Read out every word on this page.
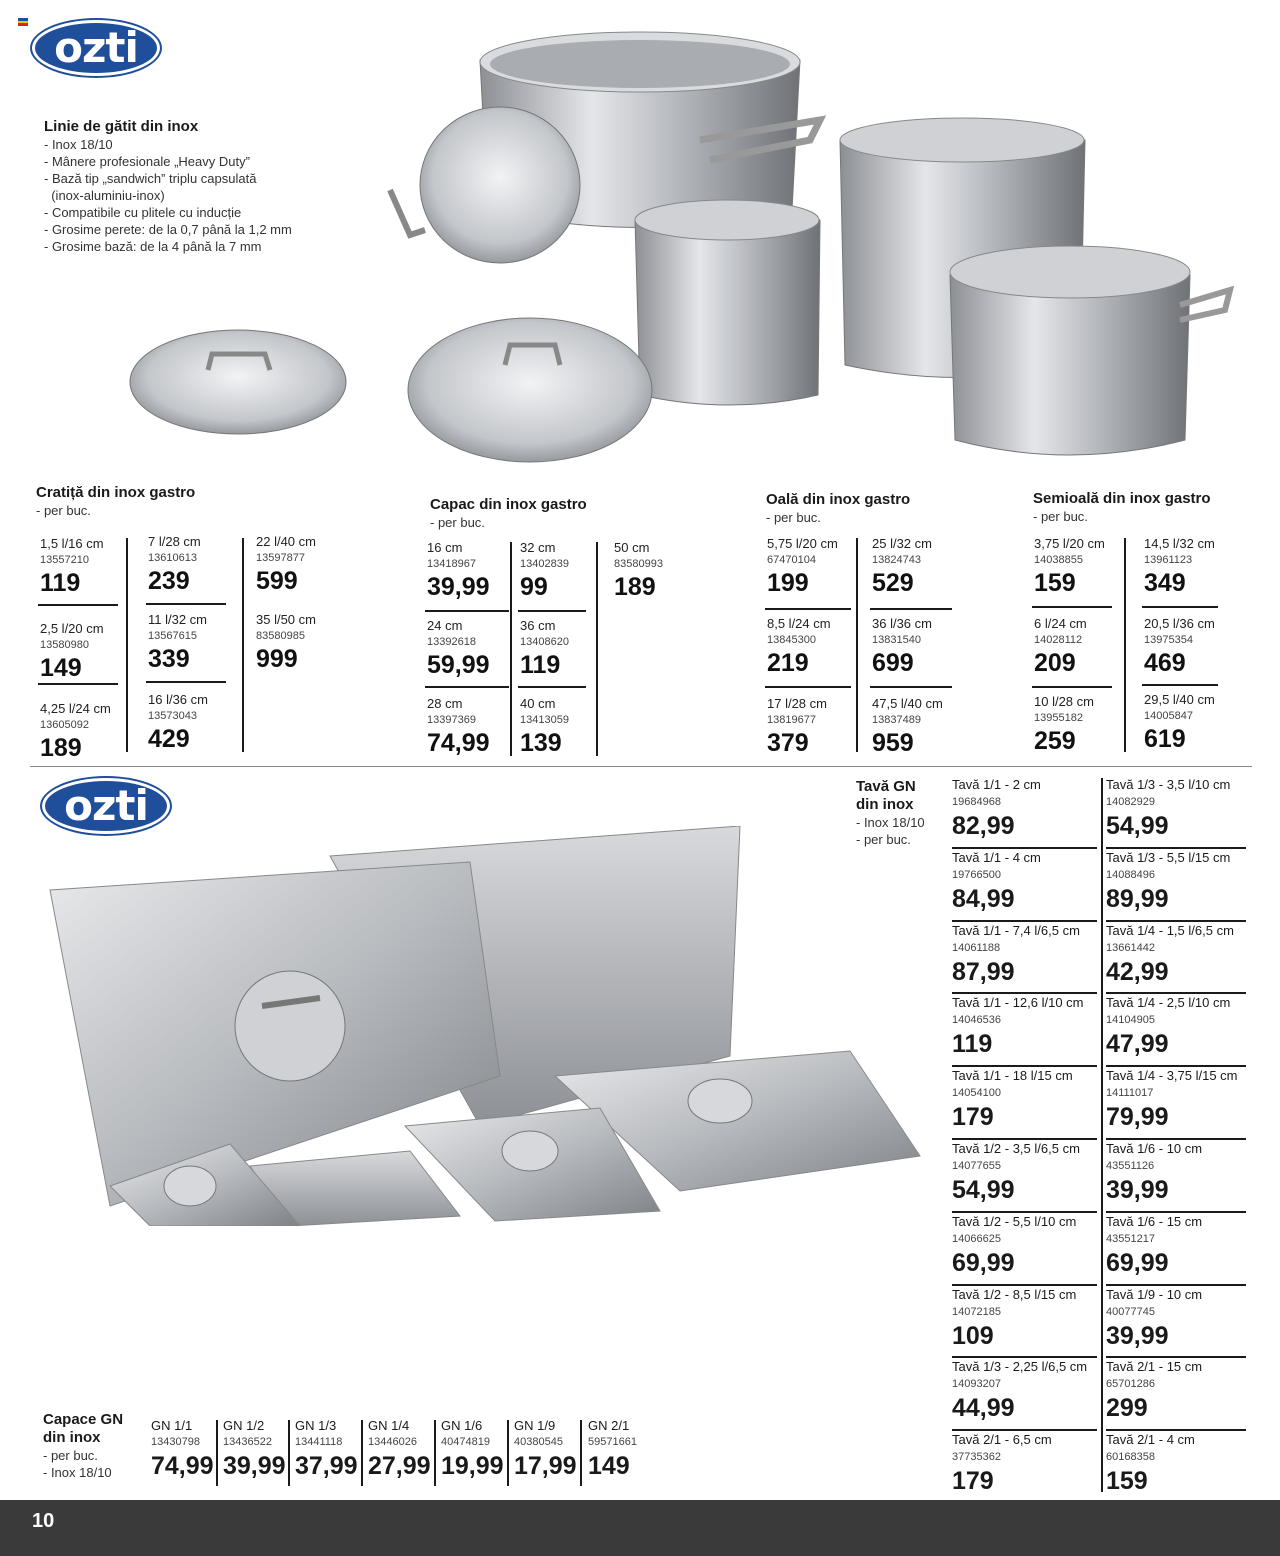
ozti
Linie de gătit din inox
- Inox 18/10
- Mânere profesionale „Heavy Duty”
- Bază tip „sandwich” triplu capsulată
(inox-aluminiu-inox)
- Compatibile cu plitele cu inducție
- Grosime perete: de la 0,7 până la 1,2 mm
- Grosime bază: de la 4 până la 7 mm
Cratiță din inox gastro
- per buc.
1,5 l/16 cm
13557210
119
2,5 l/20 cm
13580980
149
4,25 l/24 cm
13605092
189
7 l/28 cm
13610613
239
11 l/32 cm
13567615
339
16 l/36 cm
13573043
429
22 l/40 cm
13597877
599
35 l/50 cm
83580985
999
Capac din inox gastro
- per buc.
16 cm
13418967
39,99
24 cm
13392618
59,99
28 cm
13397369
74,99
32 cm
13402839
99
36 cm
13408620
119
40 cm
13413059
139
50 cm
83580993
189
Oală din inox gastro
- per buc.
5,75 l/20 cm
67470104
199
8,5 l/24 cm
13845300
219
17 l/28 cm
13819677
379
25 l/32 cm
13824743
529
36 l/36 cm
13831540
699
47,5 l/40 cm
13837489
959
Semioală din inox gastro
- per buc.
3,75 l/20 cm
14038855
159
6 l/24 cm
14028112
209
10 l/28 cm
13955182
259
14,5 l/32 cm
13961123
349
20,5 l/36 cm
13975354
469
29,5 l/40 cm
14005847
619
ozti	Tavă GN
din inox
- Inox 18/10
- per buc.
Tavă 1/1 - 2 cm
19684968
82,99
Tavă 1/1 - 4 cm
19766500
84,99
Tavă 1/1 - 7,4 l/6,5 cm
14061188
87,99
Tavă 1/1 - 12,6 l/10 cm
14046536
119
Tavă 1/1 - 18 l/15 cm
14054100
179
Tavă 1/2 - 3,5 l/6,5 cm
14077655
54,99
Tavă 1/2 - 5,5 l/10 cm
14066625
69,99
Tavă 1/2 - 8,5 l/15 cm
14072185
109
Tavă 1/3 - 2,25 l/6,5 cm
14093207
44,99
Tavă 2/1 - 6,5 cm
37735362
179
Tavă 1/3 - 3,5 l/10 cm
14082929
54,99
Tavă 1/3 - 5,5 l/15 cm
14088496
89,99
Tavă 1/4 - 1,5 l/6,5 cm
13661442
42,99
Tavă 1/4 - 2,5 l/10 cm
14104905
47,99
Tavă 1/4 - 3,75 l/15 cm
14111017
79,99
Tavă 1/6 - 10 cm
43551126
39,99
Tavă 1/6 - 15 cm
43551217
69,99
Tavă 1/9 - 10 cm
40077745
39,99
Tavă 2/1 - 15 cm
65701286
299
Tavă 2/1 - 4 cm
60168358
159
Capace GN
din inox
- per buc.
- Inox 18/10
GN 1/1
13430798
74,99
GN 1/2
13436522
39,99
GN 1/3
13441118
37,99
GN 1/4
13446026
27,99
GN 1/6
40474819
19,99
GN 1/9
40380545
17,99
GN 2/1
59571661
149
10
